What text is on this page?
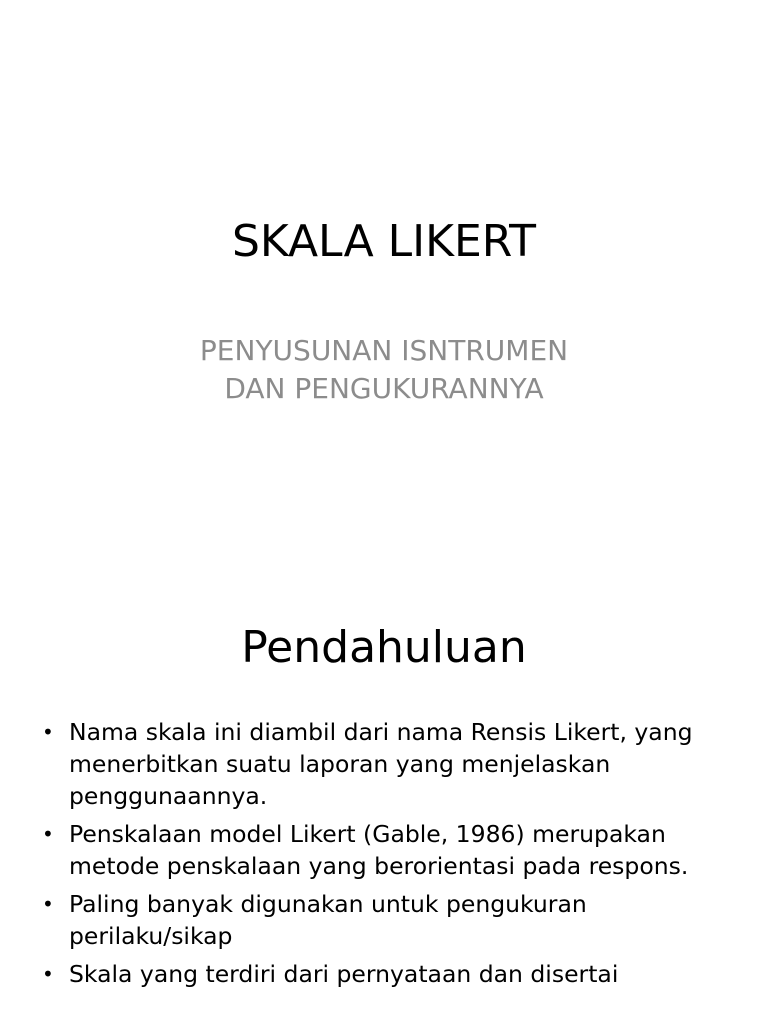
SKALA LIKERT
PENYUSUNAN ISNTRUMEN
DAN PENGUKURANNYA
Pendahuluan
• Nama skala ini diambil dari nama Rensis Likert, yang menerbitkan suatu laporan yang menjelaskan penggunaannya.
• Penskalaan model Likert (Gable, 1986) merupakan metode penskalaan yang berorientasi pada respons.
• Paling banyak digunakan untuk pengukuran perilaku/sikap
• Skala yang terdiri dari pernyataan dan disertai
